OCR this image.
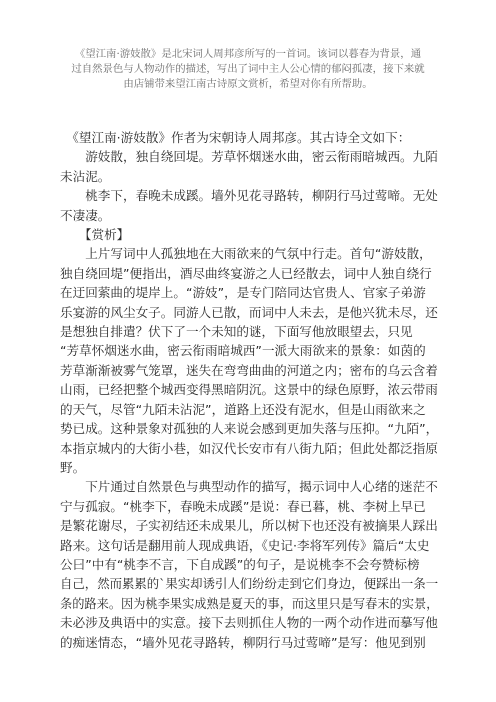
《望江南·游妓散》是北宋词人周邦彦所写的一首词。该词以暮春为背景，通
过自然景色与人物动作的描述，写出了词中主人公心情的郁闷孤凄，接下来就
由店铺带来望江南古诗原文赏析，希望对你有所帮助。
　《望江南·游妓散》作者为宋朝诗人周邦彦。其古诗全文如下：
　　游妓散，独自绕回堤。芳草怀烟迷水曲，密云衔雨暗城西。九陌
未沾泥。
　　桃李下，春晚未成蹊。墙外见花寻路转，柳阴行马过莺啼。无处
不凄凄。
　　【赏析】
　　上片写词中人孤独地在大雨欲来的气氛中行走。首句“游妓散，
独自绕回堤”便指出，酒尽曲终宴游之人已经散去，词中人独自绕行
在迂回萦曲的堤岸上。“游妓”，是专门陪同达官贵人、官家子弟游
乐宴游的风尘女子。同游人已散，而词中人未去，是他兴犹未尽，还
是想独自排遣？伏下了一个未知的谜，下面写他放眼望去，只见
“芳草怀烟迷水曲，密云衔雨暗城西”一派大雨欲来的景象：如茵的
芳草渐渐被雾气笼罩，迷失在弯弯曲曲的河道之内；密布的乌云含着
山雨，已经把整个城西变得黑暗阴沉。这景中的绿色原野，浓云带雨
的天气，尽管“九陌未沾泥”，道路上还没有泥水，但是山雨欲来之
势已成。这种景象对孤独的人来说会感到更加失落与压抑。“九陌”，
本指京城内的大街小巷，如汉代长安市有八街九陌；但此处都泛指原
野。
　　下片通过自然景色与典型动作的描写，揭示词中人心绪的迷茫不
宁与孤寂。“桃李下，春晚未成蹊”是说：春已暮，桃、李树上早已
是繁花谢尽，子实初结还未成果儿，所以树下也还没有被摘果人踩出
路来。这句话是翻用前人现成典语，《史记·李将军列传》篇后“太史
公曰”中有“桃李不言，下自成蹊”的句子，是说桃李不会夸赞标榜
自己，然而累累的`果实却诱引人们纷纷走到它们身边，便踩出一条一
条的路来。因为桃李果实成熟是夏天的事，而这里只是写春末的实景，
未必涉及典语中的实意。接下去则抓住人物的一两个动作进而摹写他
的痴迷情态，“墙外见花寻路转，柳阴行马过莺啼”是写：他见到别
